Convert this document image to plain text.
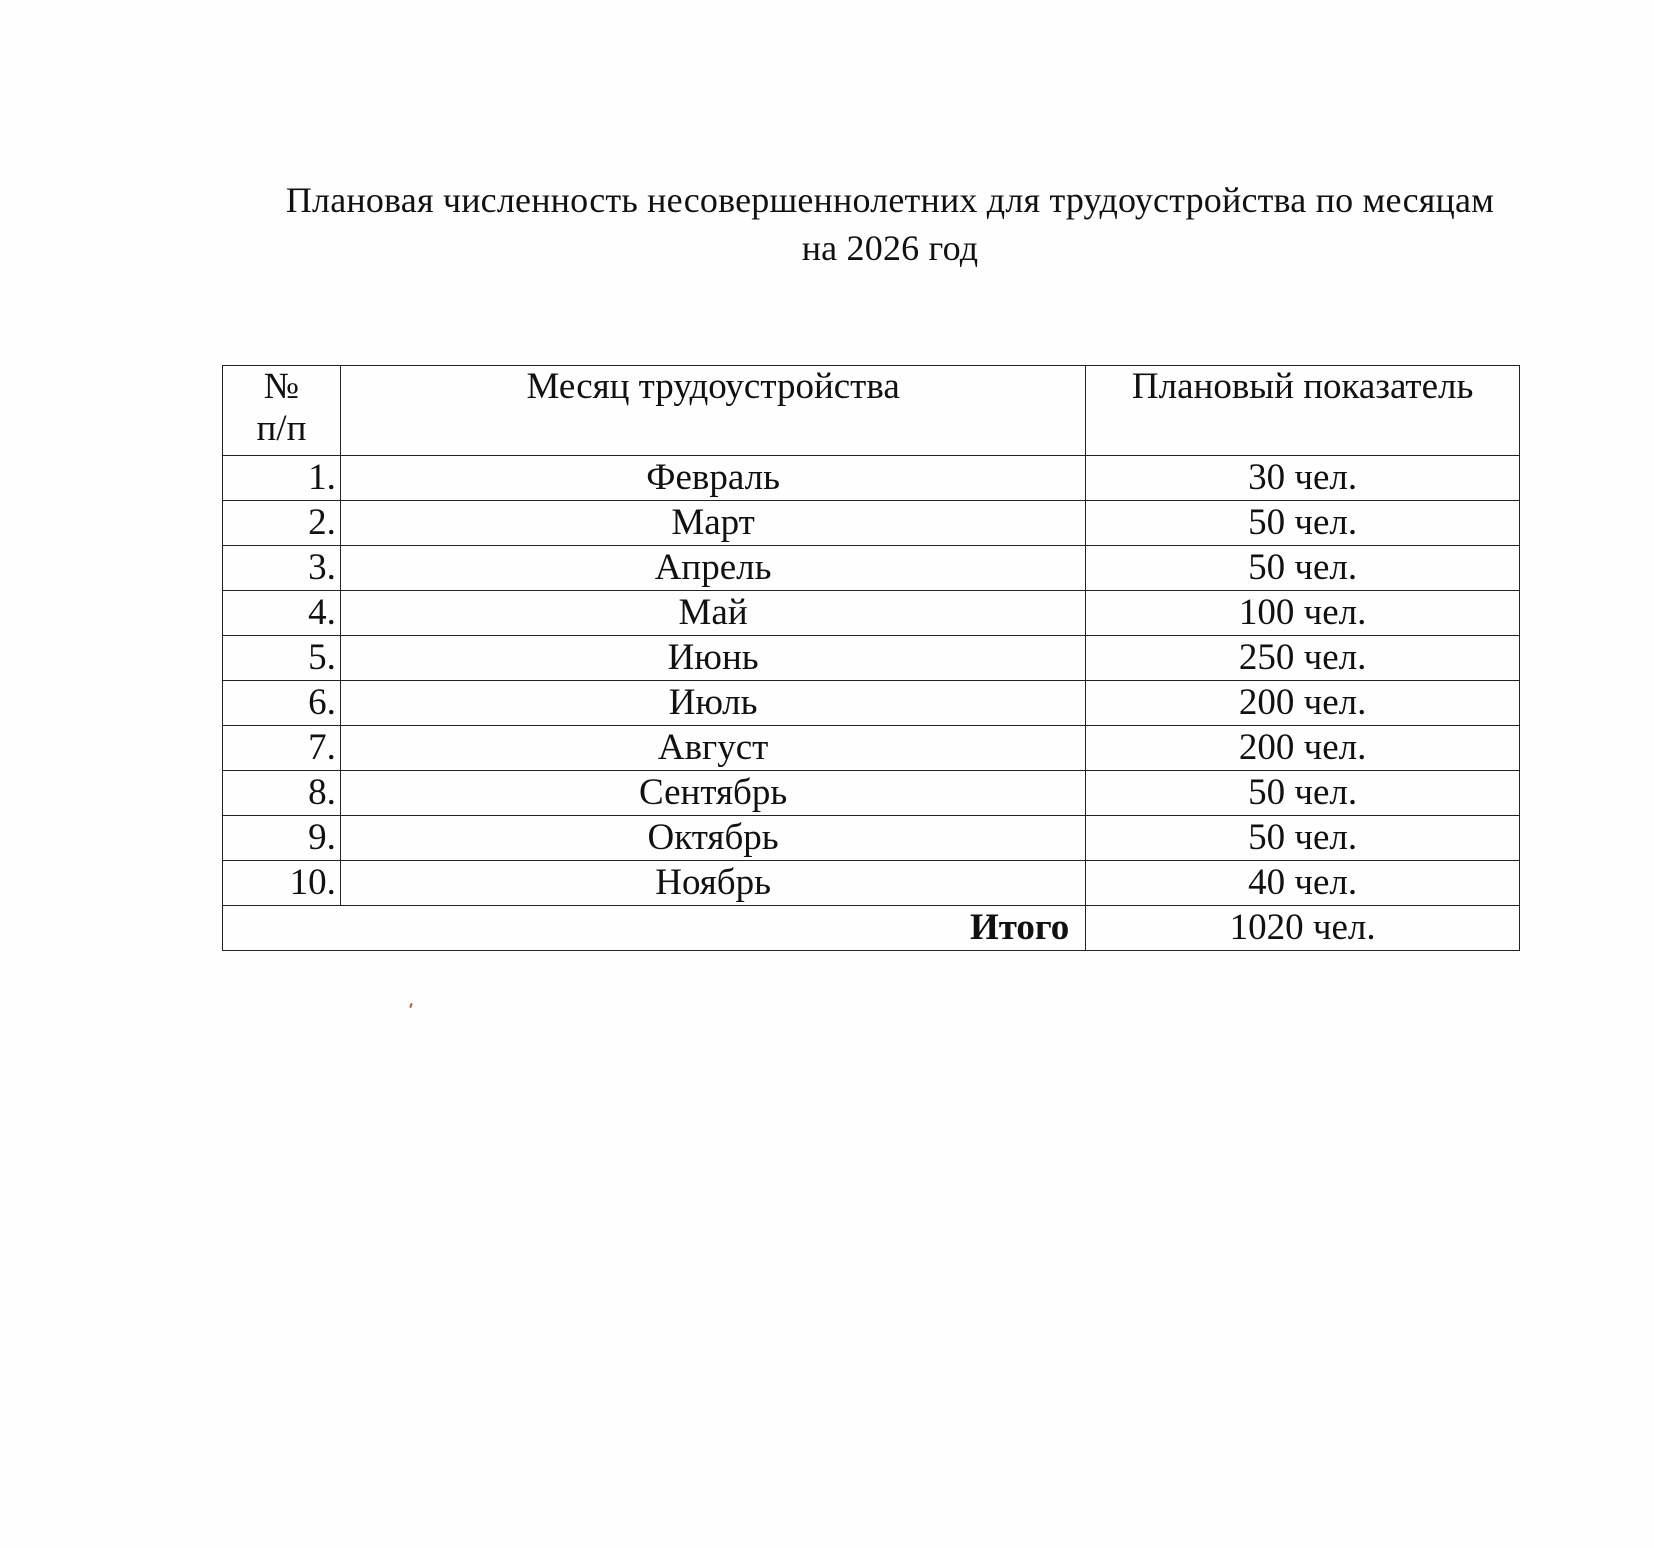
Плановая численность несовершеннолетних для трудоустройства по месяцам
на 2026 год
№
п/п	Месяц трудоустройства	Плановый показатель
1.	Февраль	30 чел.
2.	Март	50 чел.
3.	Апрель	50 чел.
4.	Май	100 чел.
5.	Июнь	250 чел.
6.	Июль	200 чел.
7.	Август	200 чел.
8.	Сентябрь	50 чел.
9.	Октябрь	50 чел.
10.	Ноябрь	40 чел.
Итого		1020 чел.
